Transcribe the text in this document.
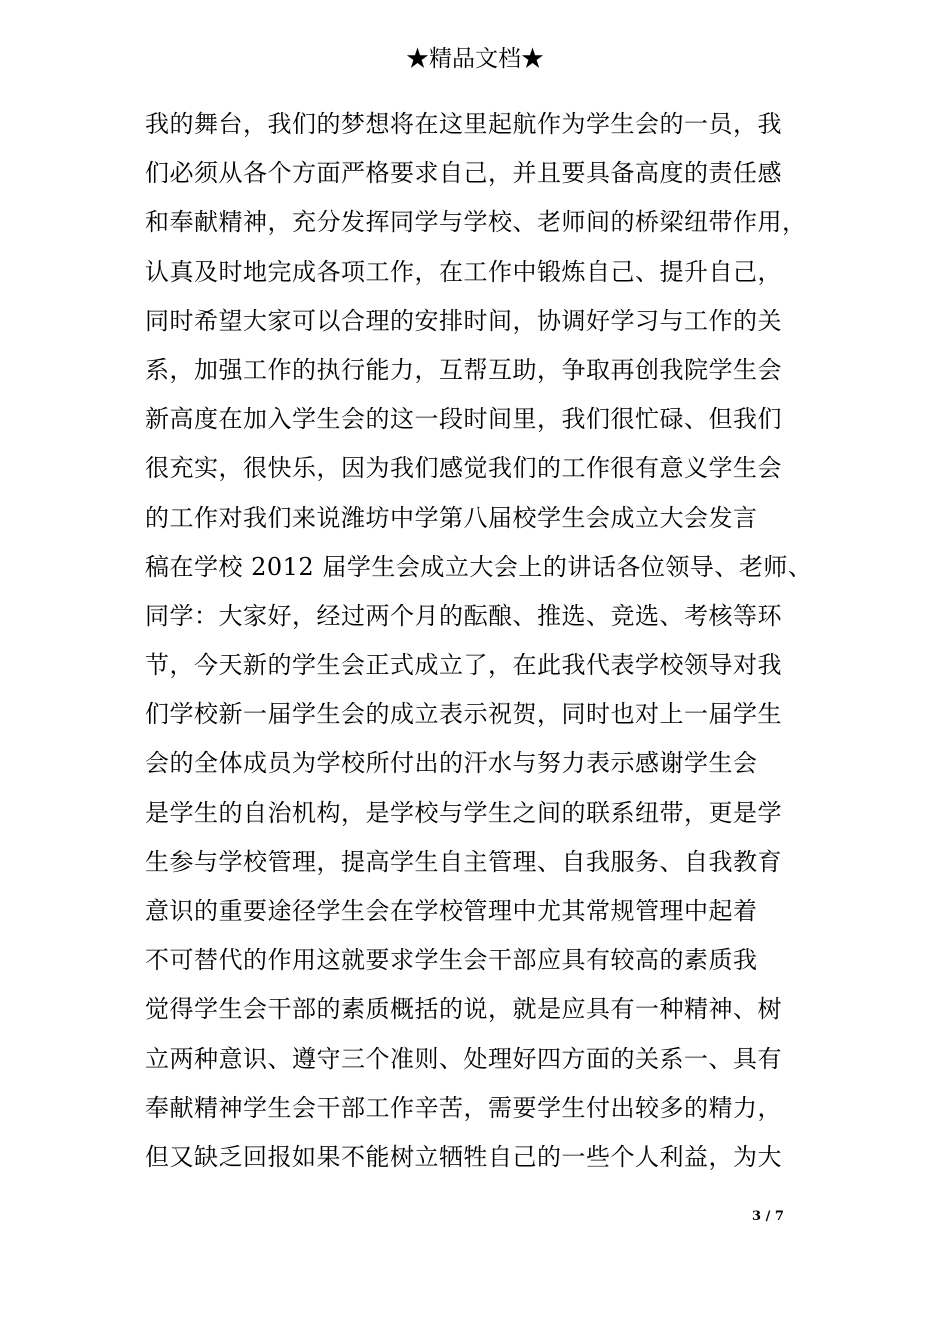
★精品文档★
我的舞台，我们的梦想将在这里起航作为学生会的一员，我
们必须从各个方面严格要求自己，并且要具备高度的责任感
和奉献精神，充分发挥同学与学校、老师间的桥梁纽带作用，
认真及时地完成各项工作，在工作中锻炼自己、提升自己，
同时希望大家可以合理的安排时间，协调好学习与工作的关
系，加强工作的执行能力，互帮互助，争取再创我院学生会
新高度在加入学生会的这一段时间里，我们很忙碌、但我们
很充实，很快乐，因为我们感觉我们的工作很有意义学生会
的工作对我们来说潍坊中学第八届校学生会成立大会发言
稿在学校 2012 届学生会成立大会上的讲话各位领导、老师、
同学：大家好，经过两个月的酝酿、推选、竞选、考核等环
节，今天新的学生会正式成立了，在此我代表学校领导对我
们学校新一届学生会的成立表示祝贺，同时也对上一届学生
会的全体成员为学校所付出的汗水与努力表示感谢学生会
是学生的自治机构，是学校与学生之间的联系纽带，更是学
生参与学校管理，提高学生自主管理、自我服务、自我教育
意识的重要途径学生会在学校管理中尤其常规管理中起着
不可替代的作用这就要求学生会干部应具有较高的素质我
觉得学生会干部的素质概括的说，就是应具有一种精神、树
立两种意识、遵守三个准则、处理好四方面的关系一、具有
奉献精神学生会干部工作辛苦，需要学生付出较多的精力，
但又缺乏回报如果不能树立牺牲自己的一些个人利益，为大
3 / 7
